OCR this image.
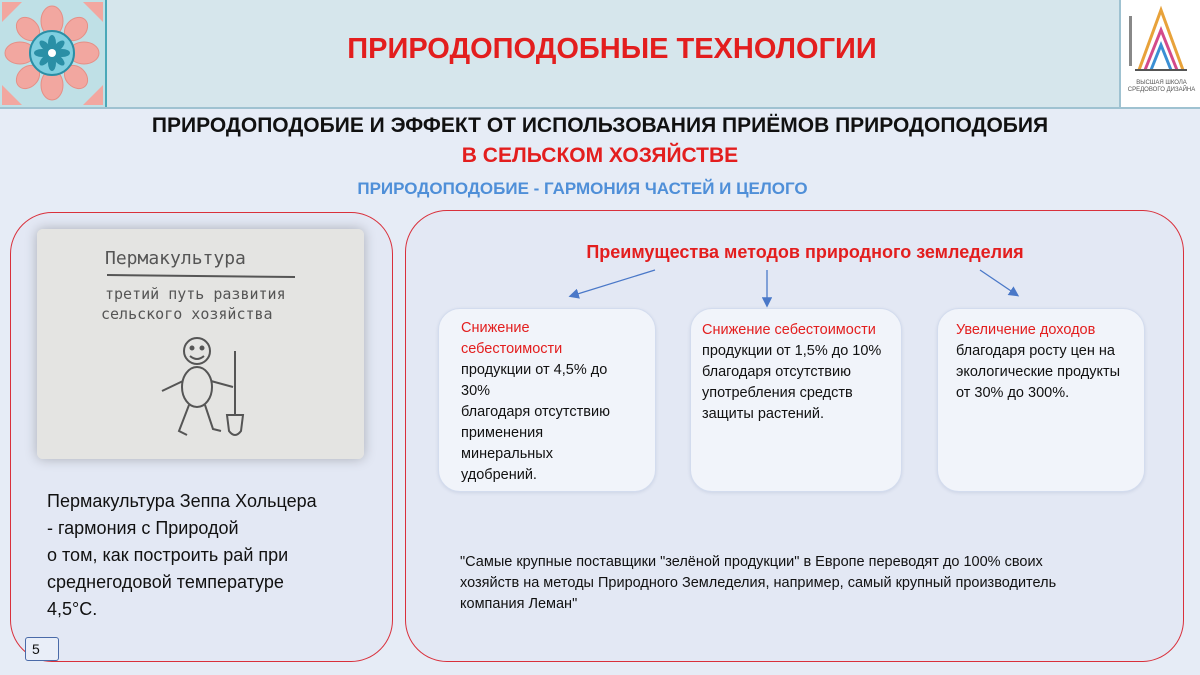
ПРИРОДОПОДОБНЫЕ ТЕХНОЛОГИИ
ВЫСШАЯ ШКОЛА СРЕДОВОГО ДИЗАЙНА
ПРИРОДОПОДОБИЕ И ЭФФЕКТ ОТ ИСПОЛЬЗОВАНИЯ ПРИЁМОВ ПРИРОДОПОДОБИЯ
В СЕЛЬСКОМ ХОЗЯЙСТВЕ
ПРИРОДОПОДОБИЕ - ГАРМОНИЯ ЧАСТЕЙ И ЦЕЛОГО
Пермакультура
третий путь развития
сельского хозяйства
Пермакультура Зеппа Хольцера
- гармония с Природой
о том, как построить рай при
среднегодовой температуре
4,5°С.
5
Преимущества методов природного земледелия
Снижение
себестоимости
продукции от 4,5% до
30%
благодаря отсутствию
применения
минеральных
удобрений.
Снижение себестоимости
продукции от 1,5% до 10%
благодаря отсутствию
употребления средств
защиты растений.
Увеличение доходов
благодаря росту цен на
экологические продукты
от 30% до 300%.
"Самые крупные поставщики "зелёной продукции" в Европе переводят до 100% своих
хозяйств на методы Природного Земледелия, например, самый крупный производитель
компания Леман"
